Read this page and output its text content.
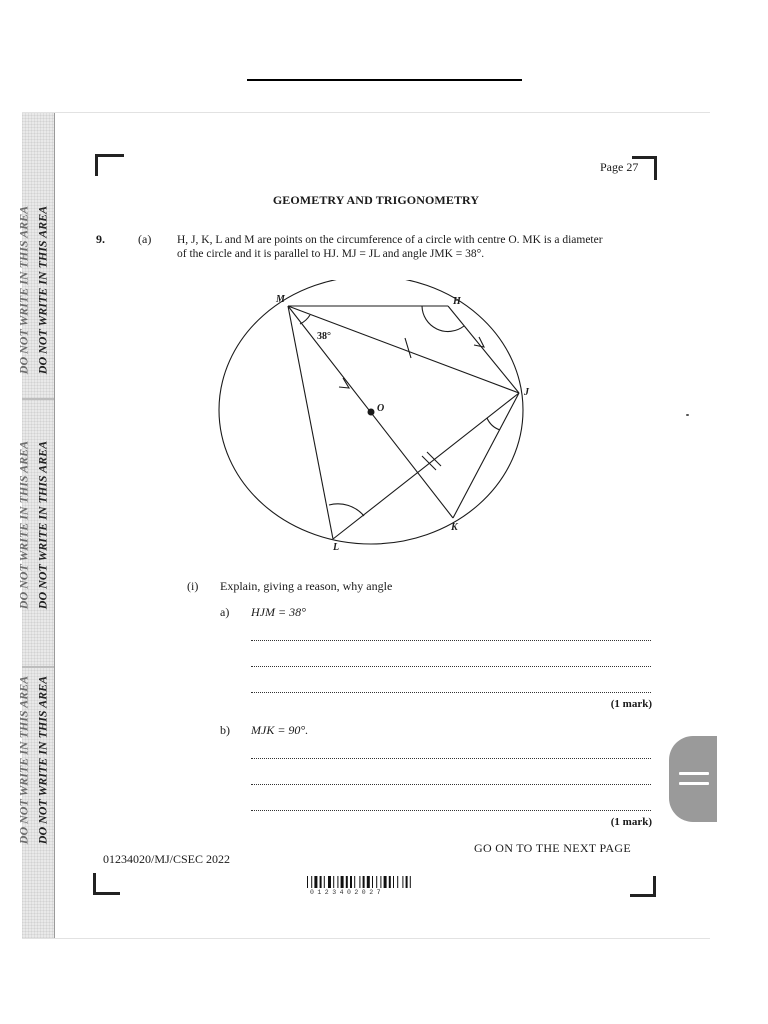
DO NOT WRITE IN THIS AREA DO NOT WRITE IN THIS AREA
DO NOT WRITE IN THIS AREA DO NOT WRITE IN THIS AREA
DO NOT WRITE IN THIS AREA DO NOT WRITE IN THIS AREA
Page 27
GEOMETRY AND TRIGONOMETRY
9.	(a) H, J, K, L and M are points on the circumference of a circle with centre O. MK is a diameter
of the circle and it is parallel to HJ. MJ = JL and angle JMK = 38°.
M	H
J
O
K
L
38°
(i) Explain, giving a reason, why angle
a) HJM = 38°
(1 mark)
b) MJK = 90°.
(1 mark)
01234020/MJ/CSEC 2022
GO ON TO THE NEXT PAGE
0123402027
